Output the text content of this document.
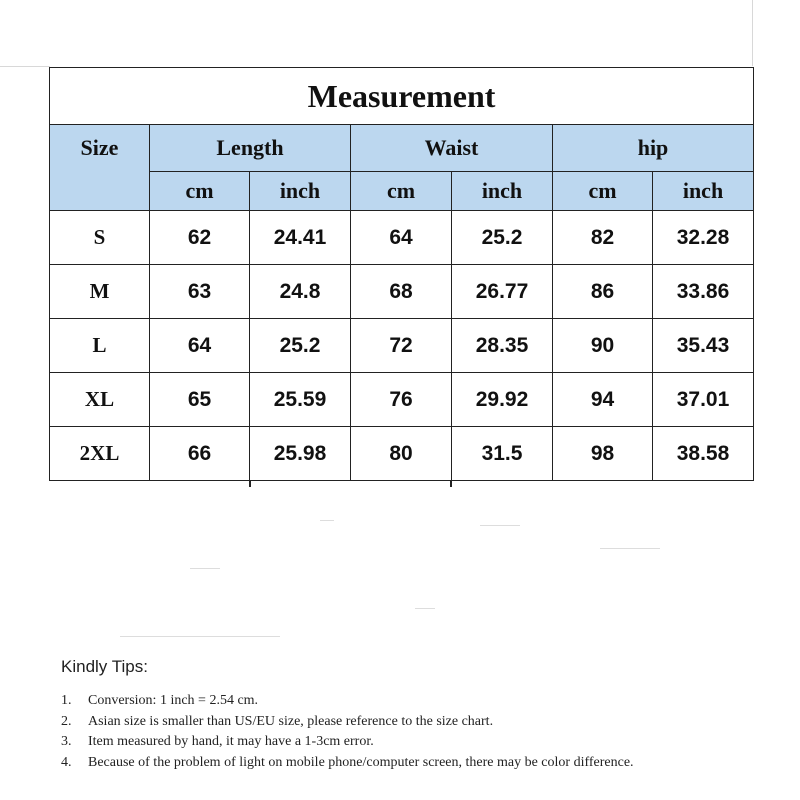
Measurement						
Size	Length		Waist		hip	
	cm	inch	cm	inch	cm	inch
S	62	24.41	64	25.2	82	32.28
M	63	24.8	68	26.77	86	33.86
L	64	25.2	72	28.35	90	35.43
XL	65	25.59	76	29.92	94	37.01
2XL	66	25.98	80	31.5	98	38.58
Kindly Tips:
1.	Conversion: 1 inch = 2.54 cm.
2.	Asian size is smaller than US/EU size, please reference to the size chart.
3.	Item measured by hand, it may have a 1-3cm error.
4.	Because of the problem of light on mobile phone/computer screen, there may be color difference.
